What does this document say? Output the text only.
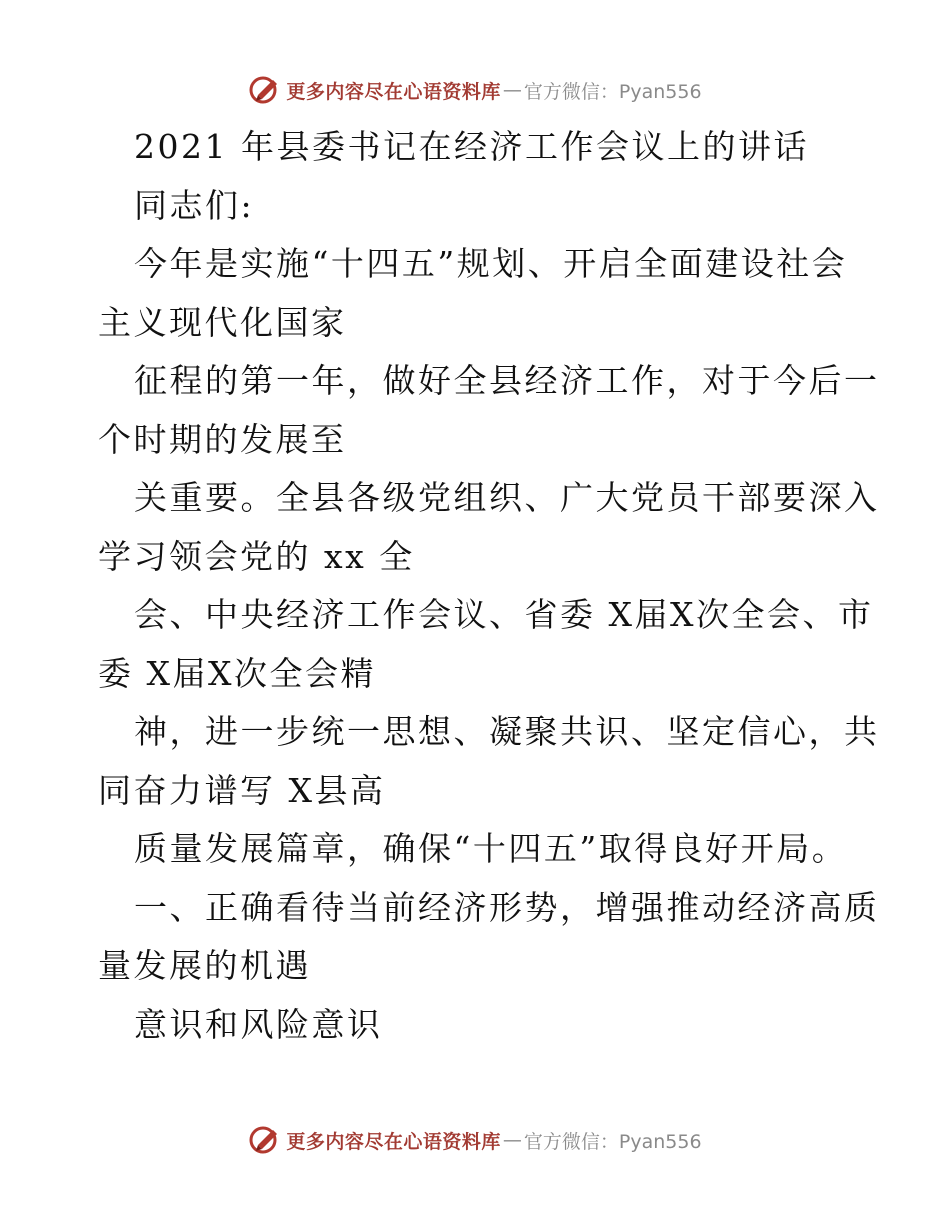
更多内容尽在心语资料库 — 官方微信：Pyan556
2021 年县委书记在经济工作会议上的讲话
同志们:
今年是实施“十四五”规划、开启全面建设社会
主义现代化国家
征程的第一年，做好全县经济工作，对于今后一
个时期的发展至
关重要。全县各级党组织、广大党员干部要深入
学习领会党的 xx 全
会、中央经济工作会议、省委 X届X次全会、市
委 X届X次全会精
神，进一步统一思想、凝聚共识、坚定信心，共
同奋力谱写 X县高
质量发展篇章，确保“十四五”取得良好开局。
一、正确看待当前经济形势，增强推动经济高质
量发展的机遇
意识和风险意识
更多内容尽在心语资料库 — 官方微信：Pyan556
